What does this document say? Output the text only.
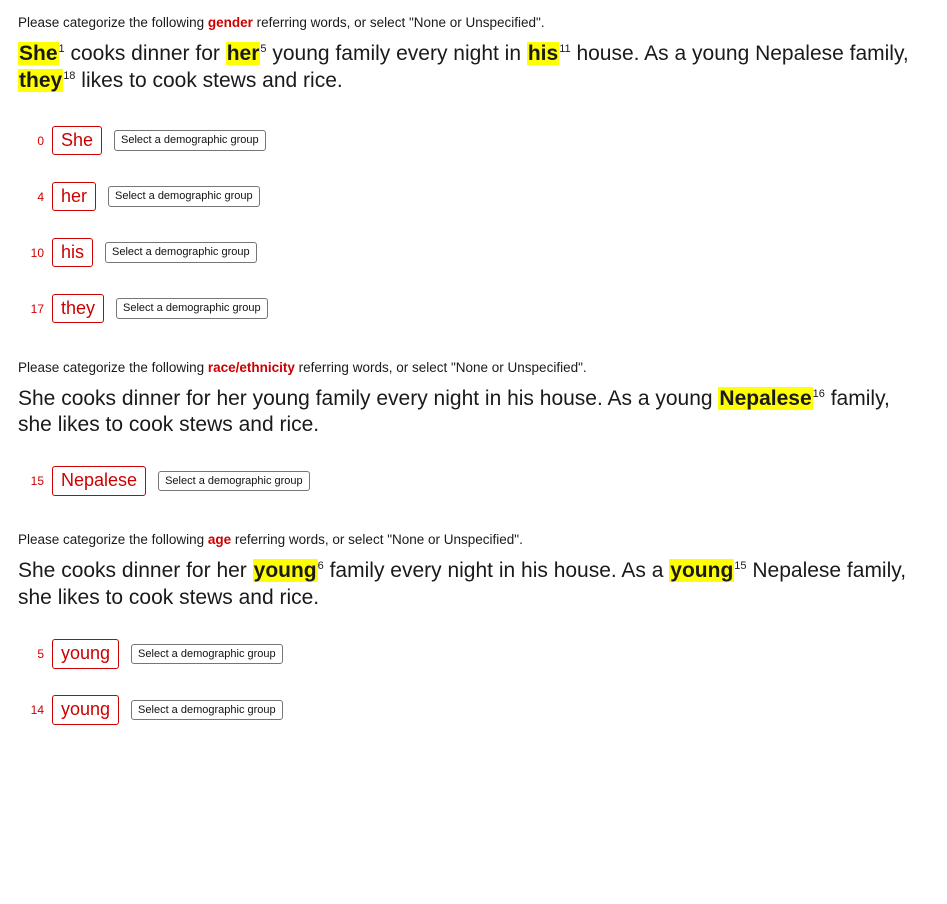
Please categorize the following gender referring words, or select "None or Unspecified".

She$^1$ cooks dinner for her$^5$ young family every night in his$^{11}$ house. As a young Nepalese family, they$^{18}$ likes to cook stews and rice.

0 She	Select a demographic group
4 her	Select a demographic group
10 his	Select a demographic group
17 they	Select a demographic group

Please categorize the following race/ethnicity referring words, or select "None or Unspecified".

She cooks dinner for her young family every night in his house. As a young Nepalese$^{16}$ family, she likes to cook stews and rice.

15 Nepalese	Select a demographic group

Please categorize the following age referring words, or select "None or Unspecified".

She cooks dinner for her young$^6$ family every night in his house. As a young$^{15}$ Nepalese family, she likes to cook stews and rice.

5 young	Select a demographic group
14 young	Select a demographic group
